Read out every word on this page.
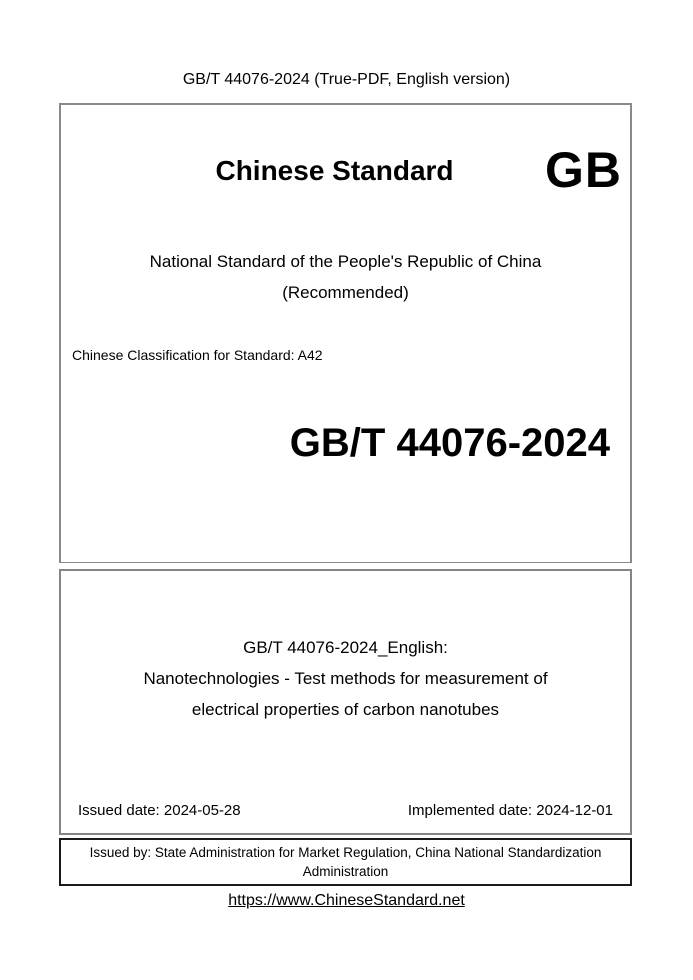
GB/T 44076-2024 (True-PDF, English version)
Chinese Standard	GB
National Standard of the People's Republic of China
(Recommended)
Chinese Classification for Standard: A42
GB/T 44076-2024
GB/T 44076-2024_English:
Nanotechnologies - Test methods for measurement of
electrical properties of carbon nanotubes
Issued date: 2024-05-28	Implemented date: 2024-12-01
Issued by: State Administration for Market Regulation, China National Standardization
Administration
https://www.ChineseStandard.net
